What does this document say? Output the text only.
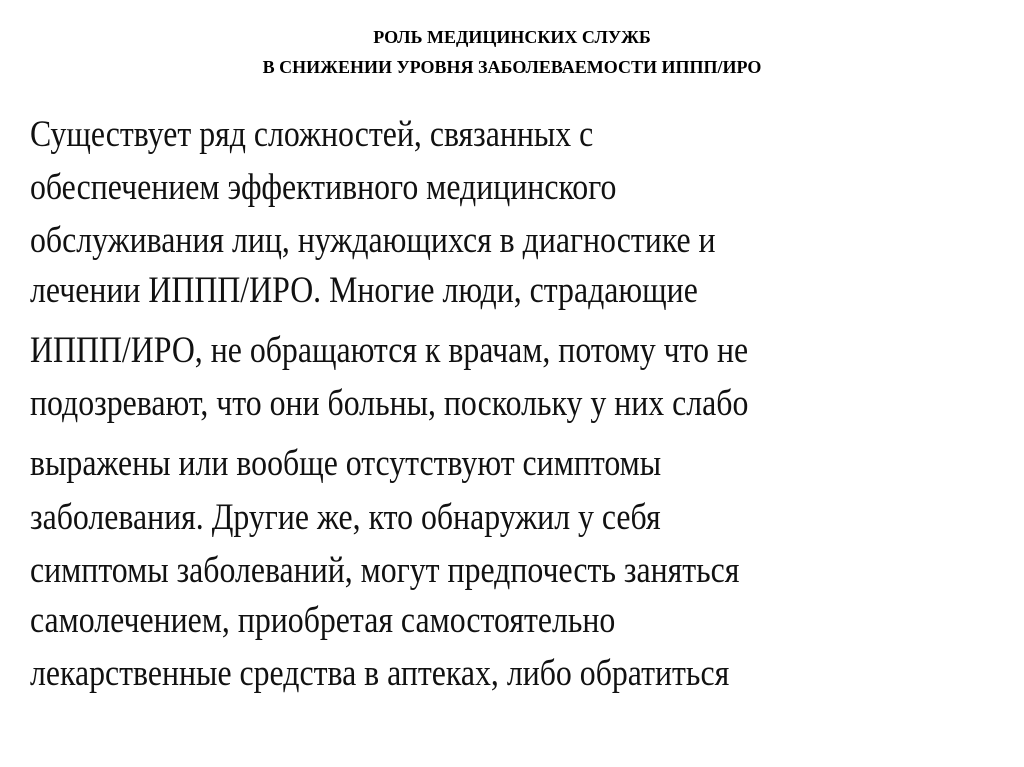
РОЛЬ МЕДИЦИНСКИХ СЛУЖБ
В СНИЖЕНИИ УРОВНЯ ЗАБОЛЕВАЕМОСТИ ИППП/ИРО
Существует ряд сложностей, связанных с
обеспечением эффективного медицинского
обслуживания лиц, нуждающихся в диагностике и
лечении ИППП/ИРО. Многие люди, страдающие
ИППП/ИРО, не обращаются к врачам, потому что не
подозревают, что они больны, поскольку у них слабо
выражены или вообще отсутствуют симптомы
заболевания. Другие же, кто обнаружил у себя
симптомы заболеваний, могут предпочесть заняться
самолечением, приобретая самостоятельно
лекарственные средства в аптеках, либо обратиться
